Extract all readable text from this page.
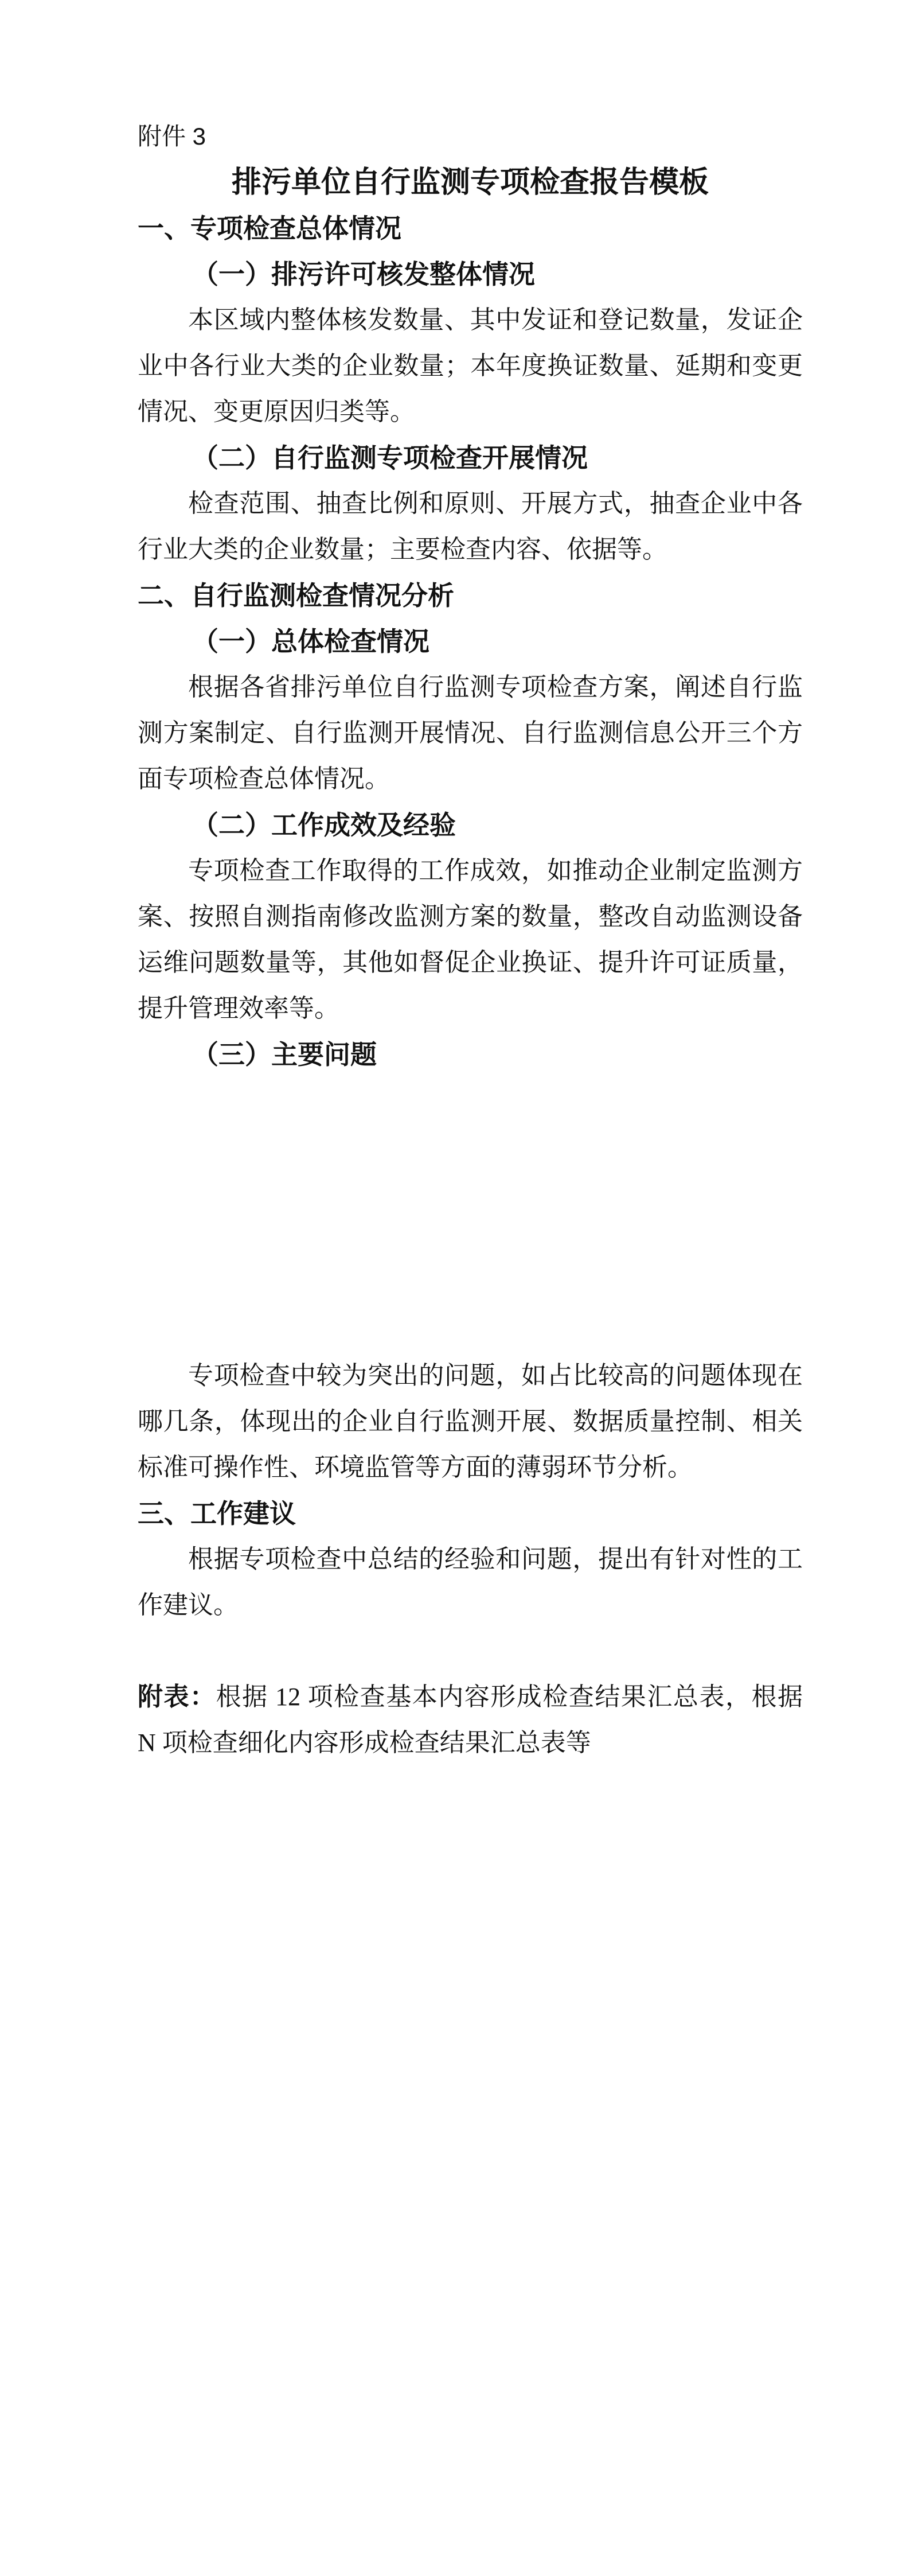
附件 3
排污单位自行监测专项检查报告模板
一、专项检查总体情况
（一）排污许可核发整体情况
本区域内整体核发数量、其中发证和登记数量，发证企业中各行业大类的企业数量；本年度换证数量、延期和变更情况、变更原因归类等。
（二）自行监测专项检查开展情况
检查范围、抽查比例和原则、开展方式，抽查企业中各行业大类的企业数量；主要检查内容、依据等。
二、自行监测检查情况分析
（一）总体检查情况
根据各省排污单位自行监测专项检查方案，阐述自行监测方案制定、自行监测开展情况、自行监测信息公开三个方面专项检查总体情况。
（二）工作成效及经验
专项检查工作取得的工作成效，如推动企业制定监测方案、按照自测指南修改监测方案的数量，整改自动监测设备运维问题数量等，其他如督促企业换证、提升许可证质量，提升管理效率等。
（三）主要问题
专项检查中较为突出的问题，如占比较高的问题体现在哪几条，体现出的企业自行监测开展、数据质量控制、相关标准可操作性、环境监管等方面的薄弱环节分析。
三、工作建议
根据专项检查中总结的经验和问题，提出有针对性的工作建议。
附表：根据 12 项检查基本内容形成检查结果汇总表，根据 N 项检查细化内容形成检查结果汇总表等
